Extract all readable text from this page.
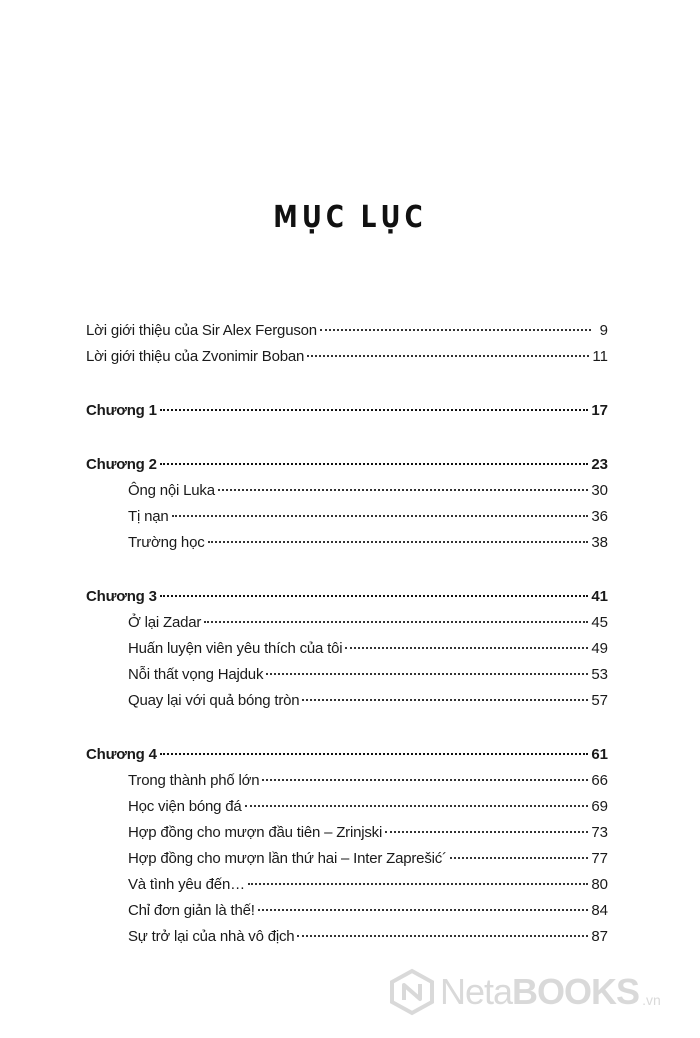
MỤC LỤC
Lời giới thiệu của Sir Alex Ferguson	9
Lời giới thiệu của Zvonimir Boban	11
Chương 1	17
Chương 2	23
Ông nội Luka	30
Tị nạn	36
Trường học	38
Chương 3	41
Ở lại Zadar	45
Huấn luyện viên yêu thích của tôi	49
Nỗi thất vọng Hajduk	53
Quay lại với quả bóng tròn	57
Chương 4	61
Trong thành phố lớn	66
Học viện bóng đá	69
Hợp đồng cho mượn đầu tiên – Zrinjski	73
Hợp đồng cho mượn lần thứ hai – Inter Zaprešić´	77
Và tình yêu đến…	80
Chỉ đơn giản là thế!	84
Sự trở lại của nhà vô địch	87
NetaBOOKS .vn
